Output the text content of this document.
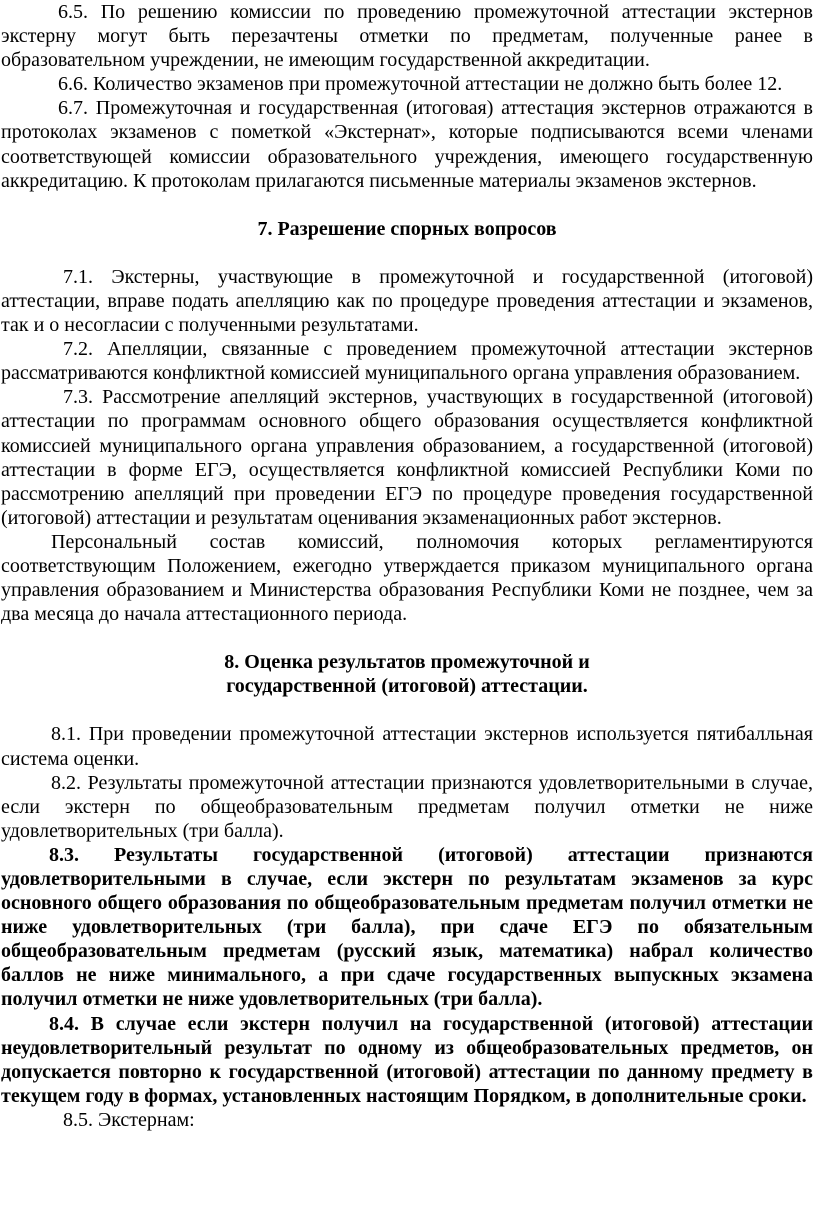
6.5. По решению комиссии по проведению промежуточной аттестации экстернов экстерну могут быть перезачтены отметки по предметам, полученные ранее в образовательном учреждении, не имеющим государственной аккредитации.

6.6. Количество экзаменов при промежуточной аттестации не должно быть более 12.

6.7. Промежуточная и государственная (итоговая) аттестация экстернов отражаются в протоколах экзаменов с пометкой «Экстернат», которые подписываются всеми членами соответствующей комиссии образовательного учреждения, имеющего государственную аккредитацию. К протоколам прилагаются письменные материалы экзаменов экстернов.

7. Разрешение спорных вопросов

7.1. Экстерны, участвующие в промежуточной и государственной (итоговой) аттестации, вправе подать апелляцию как по процедуре проведения аттестации и экзаменов, так и о несогласии с полученными результатами.

7.2. Апелляции, связанные с проведением промежуточной аттестации экстернов рассматриваются конфликтной комиссией муниципального органа управления образованием.

7.3. Рассмотрение апелляций экстернов, участвующих в государственной (итоговой) аттестации по программам основного общего образования осуществляется конфликтной комиссией муниципального органа управления образованием, а государственной (итоговой) аттестации в форме ЕГЭ, осуществляется конфликтной комиссией Республики Коми по рассмотрению апелляций при проведении ЕГЭ по процедуре проведения государственной (итоговой) аттестации и результатам оценивания экзаменационных работ экстернов.

Персональный состав комиссий, полномочия которых регламентируются соответствующим Положением, ежегодно утверждается приказом муниципального органа управления образованием и Министерства образования Республики Коми не позднее, чем за два месяца до начала аттестационного периода.

8. Оценка результатов промежуточной и

государственной (итоговой) аттестации.

8.1. При проведении промежуточной аттестации экстернов используется пятибалльная система оценки.

8.2. Результаты промежуточной аттестации признаются удовлетворительными в случае, если экстерн по общеобразовательным предметам получил отметки не ниже удовлетворительных (три балла).

8.3. Результаты государственной (итоговой) аттестации признаются удовлетворительными в случае, если экстерн по результатам экзаменов за курс основного общего образования по общеобразовательным предметам получил отметки не ниже удовлетворительных (три балла), при сдаче ЕГЭ по обязательным общеобразовательным предметам (русский язык, математика) набрал количество баллов не ниже минимального, а при сдаче государственных выпускных экзамена получил отметки не ниже удовлетворительных (три балла).

8.4. В случае если экстерн получил на государственной (итоговой) аттестации неудовлетворительный результат по одному из общеобразовательных предметов, он допускается повторно к государственной (итоговой) аттестации по данному предмету в текущем году в формах, установленных настоящим Порядком, в дополнительные сроки.

8.5. Экстернам:
